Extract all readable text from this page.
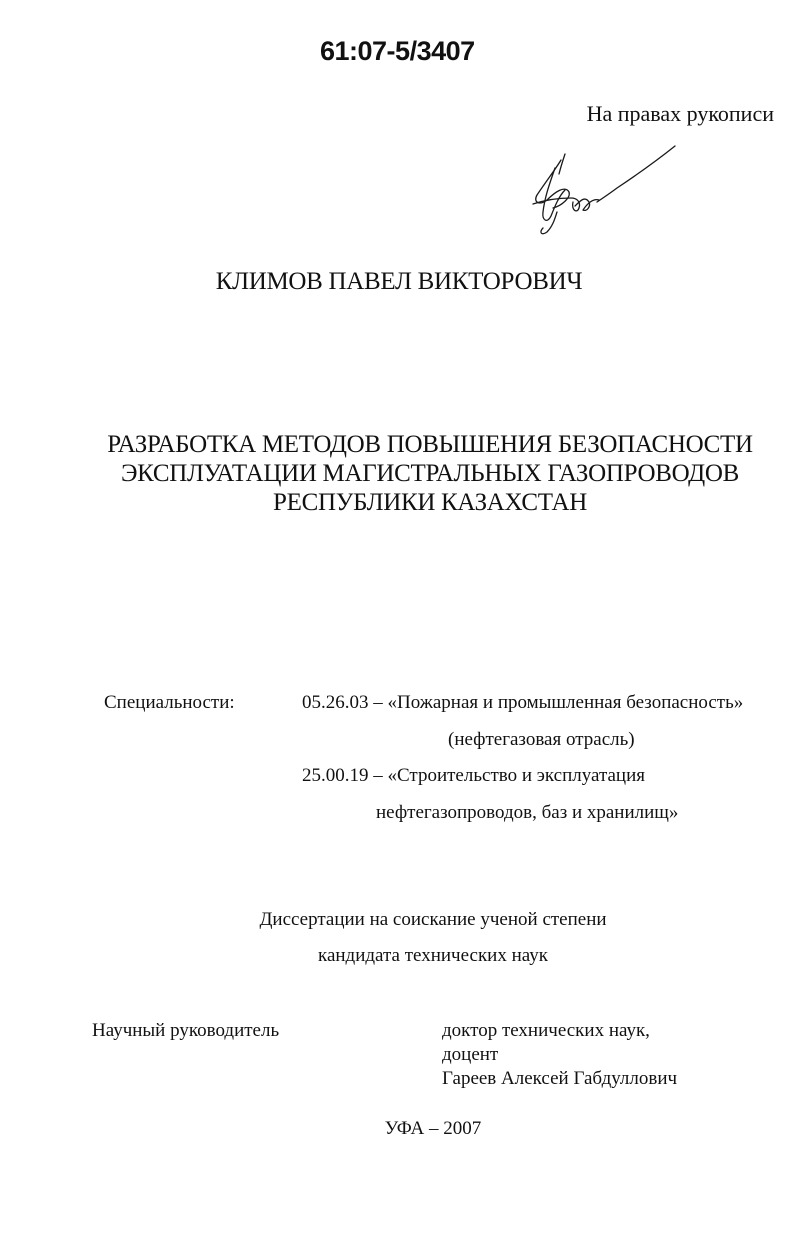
61:07-5/3407
На правах рукописи
КЛИМОВ ПАВЕЛ ВИКТОРОВИЧ
РАЗРАБОТКА МЕТОДОВ ПОВЫШЕНИЯ БЕЗОПАСНОСТИ
ЭКСПЛУАТАЦИИ МАГИСТРАЛЬНЫХ ГАЗОПРОВОДОВ
РЕСПУБЛИКИ КАЗАХСТАН
Специальности:	05.26.03 – «Пожарная и промышленная безопасность»
(нефтегазовая отрасль)
25.00.19 – «Строительство и эксплуатация
нефтегазопроводов, баз и хранилищ»
Диссертации на соискание ученой степени
кандидата технических наук
Научный руководитель	доктор технических наук,
доцент
Гареев Алексей Габдуллович
УФА – 2007
